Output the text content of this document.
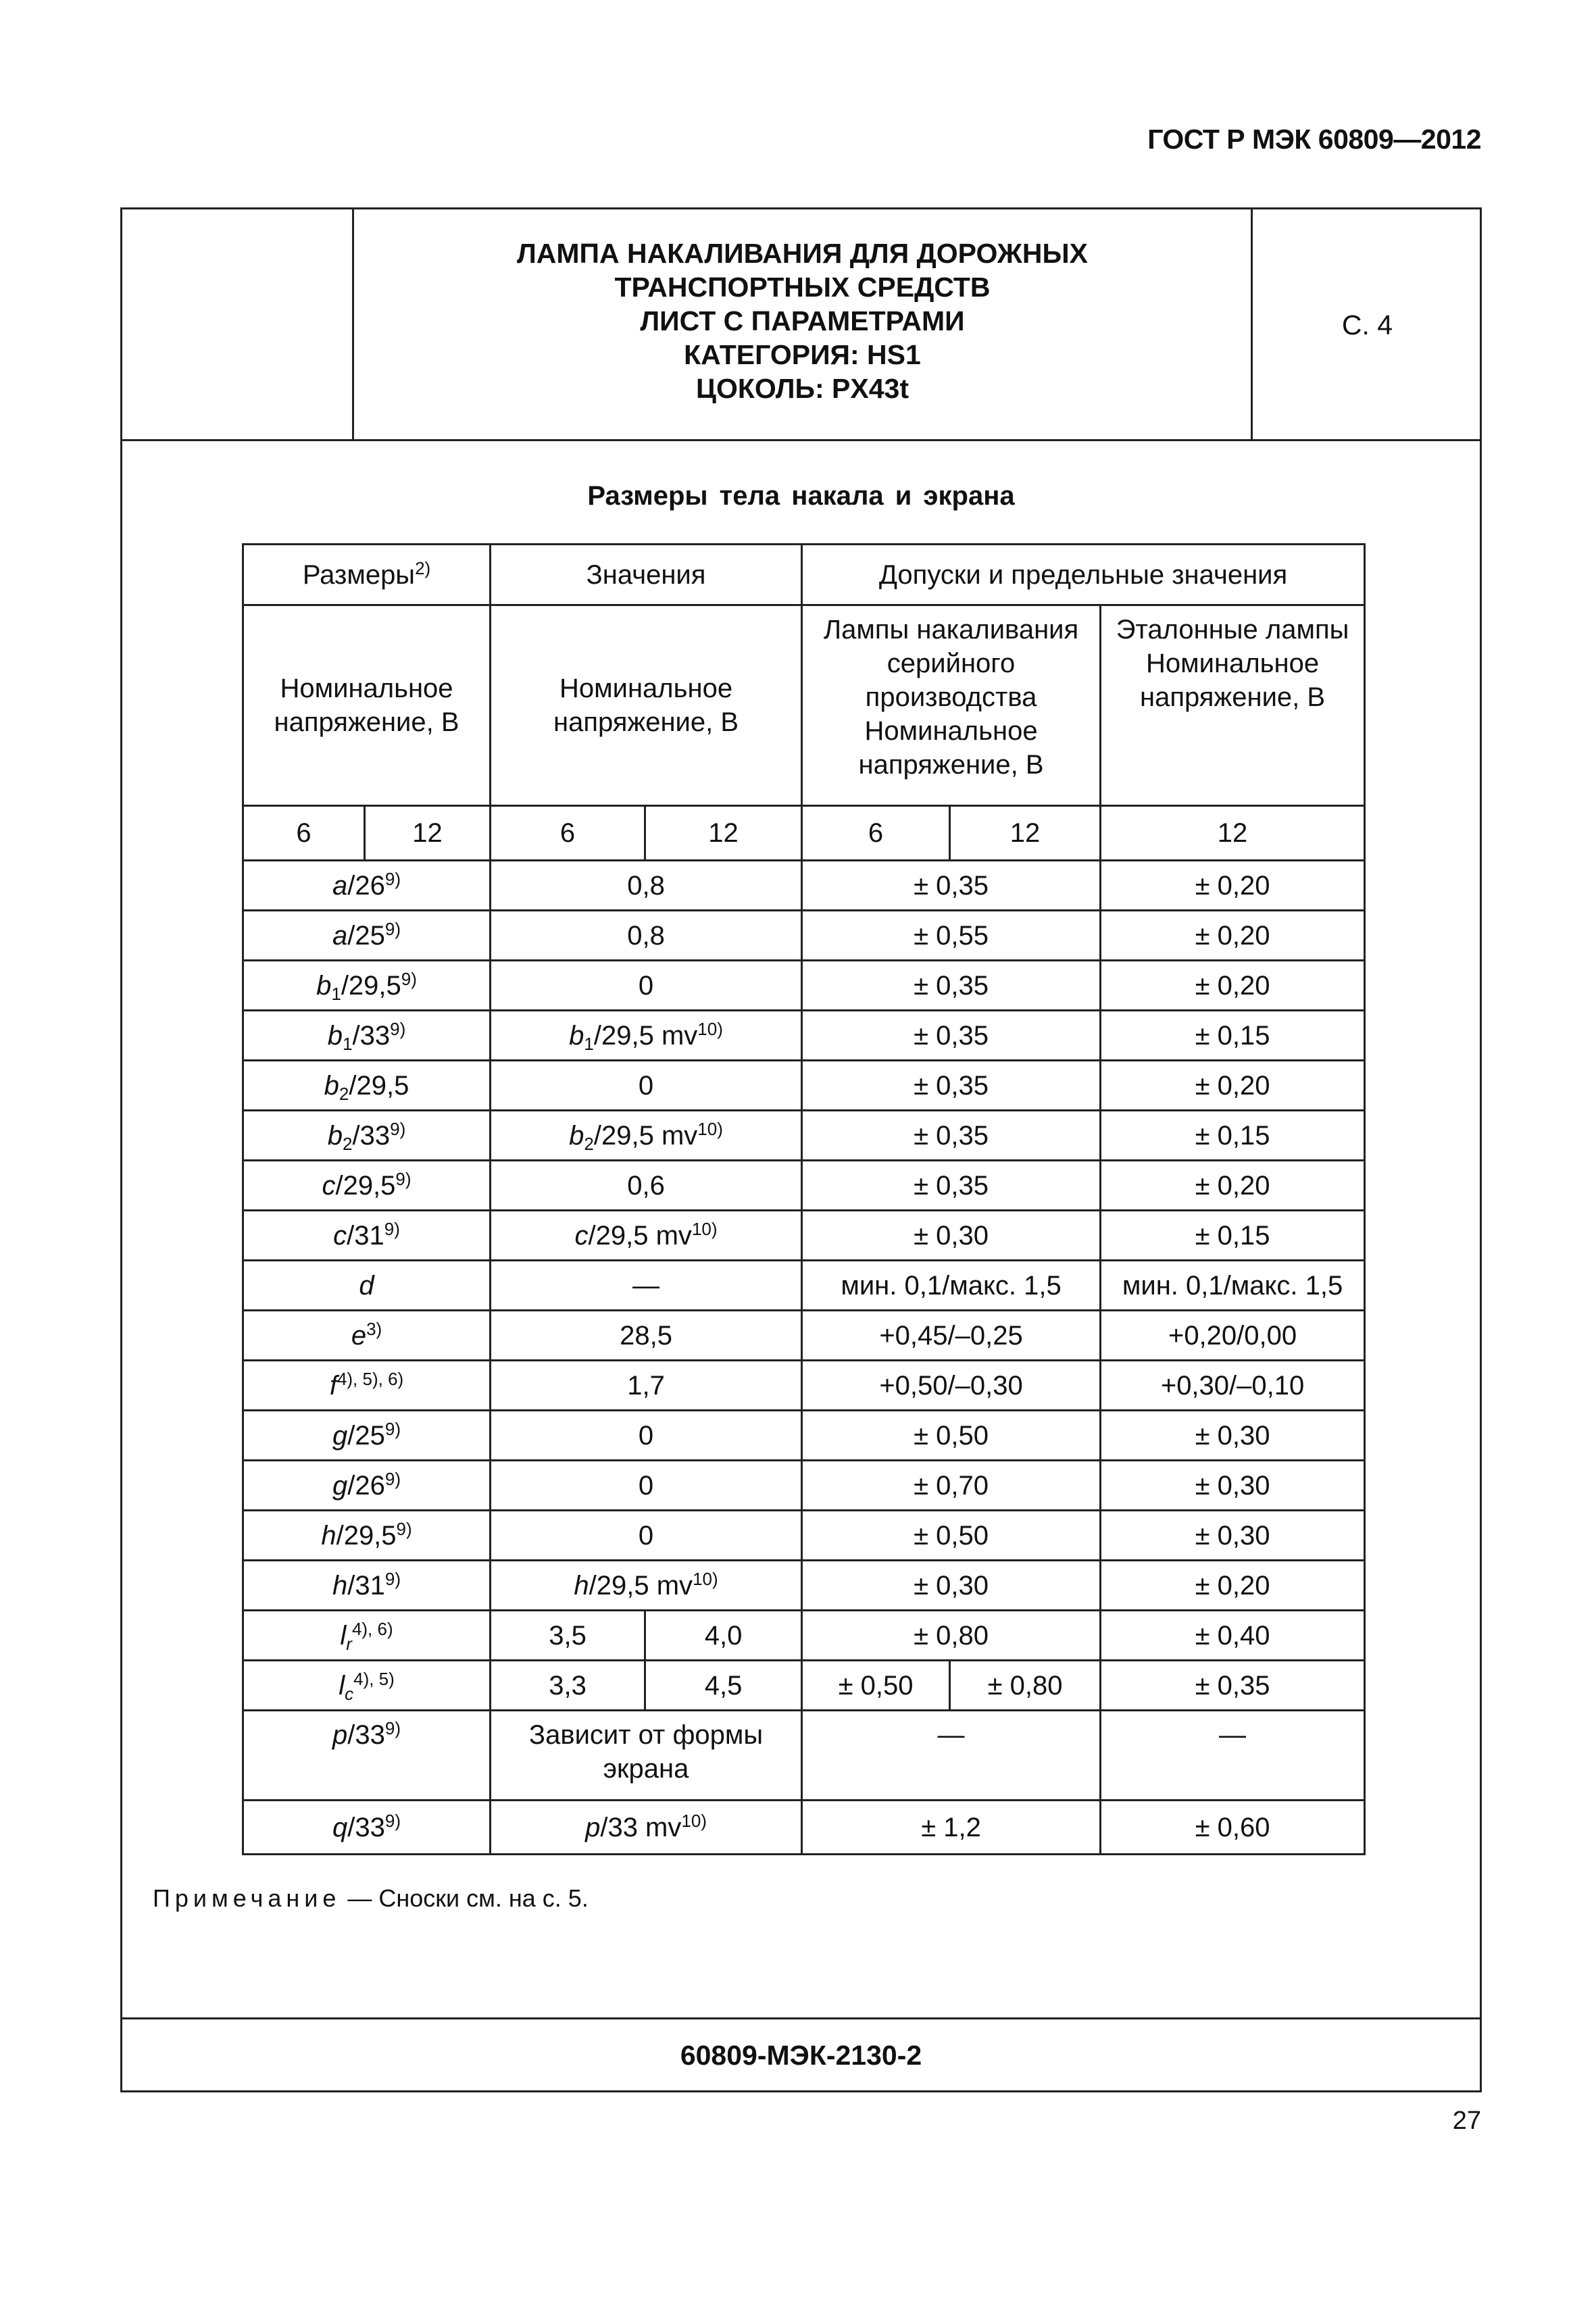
ГОСТ Р МЭК 60809—2012
ЛАМПА НАКАЛИВАНИЯ ДЛЯ ДОРОЖНЫХ
ТРАНСПОРТНЫХ СРЕДСТВ
ЛИСТ С ПАРАМЕТРАМИ
КАТЕГОРИЯ: HS1
ЦОКОЛЬ: PX43t
С. 4
Размеры тела накала и экрана
Размеры$^{2)}$		Значения		Допуски и предельные значения		
Номинальное напряжение, В		Номинальное напряжение, В		Лампы накаливания серийного производства Номинальное напряжение, В		Эталонные лампы Номинальное напряжение, В
6	12	6	12	6	12	12
a/26$^{9)}$		0,8		± 0,35		± 0,20
a/25$^{9)}$		0,8		± 0,55		± 0,20
$b_1/29,5^{9)}$		0		± 0,35		± 0,20
$b_1/33^{9)}$		$b_1/29,5$ $mv^{10)}$		± 0,35		± 0,15
$b_2/29,5$		0		± 0,35		± 0,20
$b_2/33^{9)}$		$b_2/29,5$ $mv^{10)}$		± 0,35		± 0,15
c/29,5$^{9)}$		0,6		± 0,35		± 0,20
c/31$^{9)}$		c/29,5 $mv^{10)}$		± 0,30		± 0,15
d		—		мин. 0,1/макс. 1,5		мин. 0,1/макс. 1,5
$e^{3)}$		28,5		+0,45/–0,25		+0,20/0,00
$f^{4), 5), 6)}$		1,7		+0,50/–0,30		+0,30/–0,10
g/25$^{9)}$		0		± 0,50		± 0,30
g/26$^{9)}$		0		± 0,70		± 0,30
h/29,5$^{9)}$		0		± 0,50		± 0,30
h/31$^{9)}$		h/29,5 $mv^{10)}$		± 0,30		± 0,20
$l_r^{4), 6)}$		3,5	4,0	± 0,80		± 0,40
$l_c^{4), 5)}$		3,3	4,5	± 0,50	± 0,80	± 0,35
p/33$^{9)}$		Зависит от формы экрана		—		—
q/33$^{9)}$		p/33 $mv^{10)}$		± 1,2		± 0,60
Примечание — Сноски см. на с. 5.
60809-МЭК-2130-2
27
